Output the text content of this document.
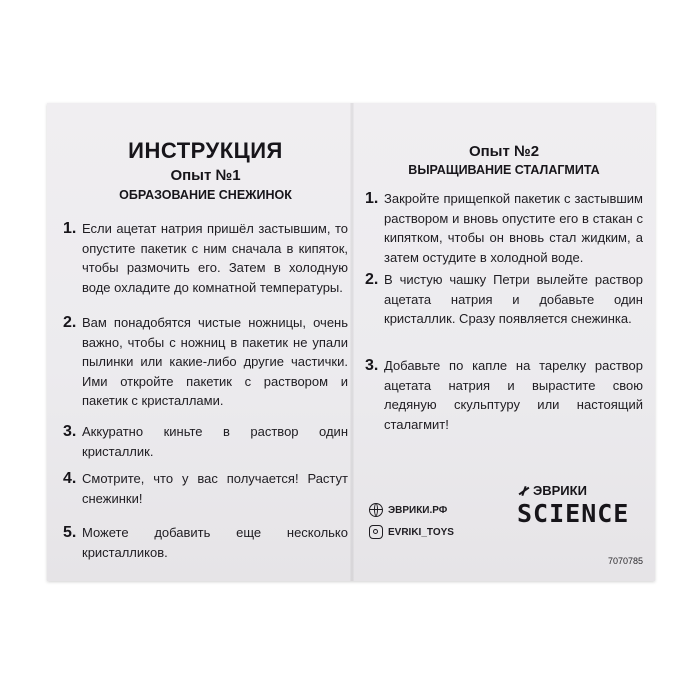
ИНСТРУКЦИЯ
Опыт №1
ОБРАЗОВАНИЕ СНЕЖИНОК
1. Если ацетат натрия пришёл застывшим, то опустите пакетик с ним сначала в кипяток, чтобы размочить его. Затем в холодную воде охладите до комнатной температуры.
2. Вам понадобятся чистые ножницы, очень важно, чтобы с ножниц в пакетик не упали пылинки или какие-либо другие частички. Ими откройте пакетик с раствором и пакетик с кристаллами.
3. Аккуратно киньте в раствор один кристаллик.
4. Смотрите, что у вас получается! Растут снежинки!
5. Можете добавить еще несколько кристалликов.
Опыт №2
ВЫРАЩИВАНИЕ СТАЛАГМИТА
1. Закройте прищепкой пакетик с застывшим раствором и вновь опустите его в стакан с кипятком, чтобы он вновь стал жидким, а затем остудите в холодной воде.
2. В чистую чашку Петри вылейте раствор ацетата натрия и добавьте один кристаллик. Сразу появляется снежинка.
3. Добавьте по капле на тарелку раствор ацетата натрия и вырастите свою ледяную скульптуру или настоящий сталагмит!
ЭВРИКИ.РФ
EVRIKI_TOYS
ЭВРИКИ
SCIENCE
7070785
